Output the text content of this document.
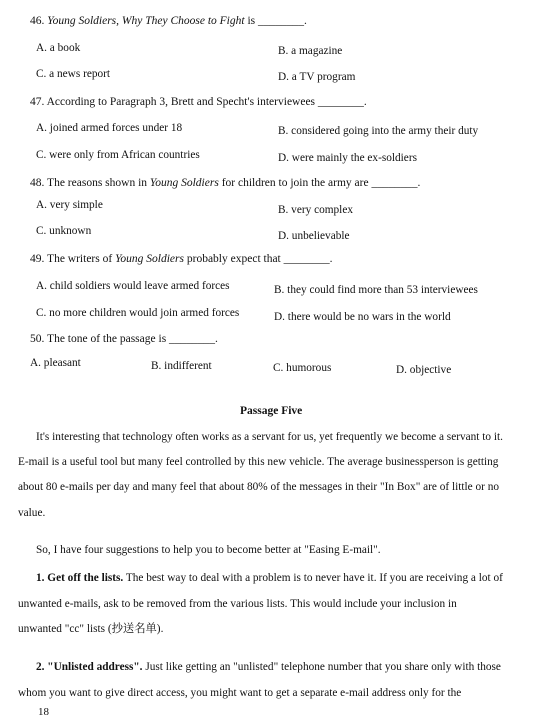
46. Young Soldiers, Why They Choose to Fight is ________.
A. a book	B. a magazine
C. a news report	D. a TV program
47. According to Paragraph 3, Brett and Specht's interviewees ________.
A. joined armed forces under 18	B. considered going into the army their duty
C. were only from African countries	D. were mainly the ex-soldiers
48. The reasons shown in Young Soldiers for children to join the army are ________.
A. very simple	B. very complex
C. unknown	D. unbelievable
49. The writers of Young Soldiers probably expect that ________.
A. child soldiers would leave armed forces	B. they could find more than 53 interviewees
C. no more children would join armed forces	D. there would be no wars in the world
50. The tone of the passage is ________.
A. pleasant	B. indifferent	C. humorous	D. objective
Passage Five
It's interesting that technology often works as a servant for us, yet frequently we become a servant to it.
E-mail is a useful tool but many feel controlled by this new vehicle. The average businessperson is getting
about 80 e-mails per day and many feel that about 80% of the messages in their "In Box" are of little or no
value.
So, I have four suggestions to help you to become better at "Easing E-mail".
1. Get off the lists. The best way to deal with a problem is to never have it. If you are receiving a lot of
unwanted e-mails, ask to be removed from the various lists. This would include your inclusion in
unwanted "cc" lists (抄送名单).
2. "Unlisted address". Just like getting an "unlisted" telephone number that you share only with those
whom you want to give direct access, you might want to get a separate e-mail address only for the
18
